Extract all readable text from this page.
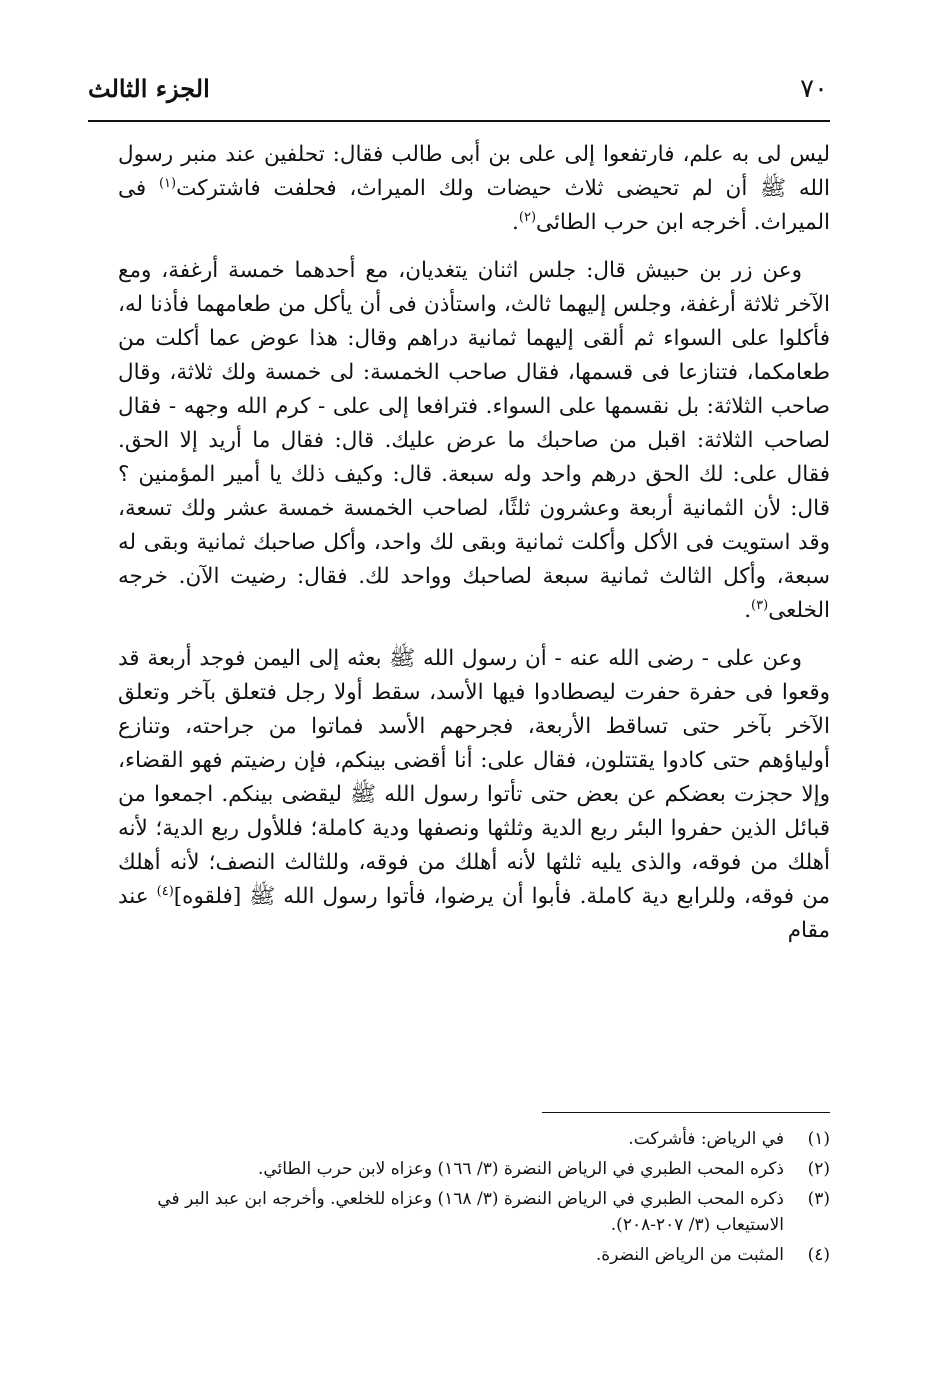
٧٠
الجزء الثالث

ليس لى به علم، فارتفعوا إلى على بن أبى طالب فقال: تحلفين عند منبر رسول الله ﷺ أن لم تحيضى ثلاث حيضات ولك الميراث، فحلفت فاشتركت$^{(١)}$ فى الميراث. أخرجه ابن حرب الطائى$^{(٢)}$.

وعن زر بن حبيش قال: جلس اثنان يتغديان، مع أحدهما خمسة أرغفة، ومع الآخر ثلاثة أرغفة، وجلس إليهما ثالث، واستأذن فى أن يأكل من طعامهما فأذنا له، فأكلوا على السواء ثم ألقى إليهما ثمانية دراهم وقال: هذا عوض عما أكلت من طعامكما، فتنازعا فى قسمها، فقال صاحب الخمسة: لى خمسة ولك ثلاثة، وقال صاحب الثلاثة: بل نقسمها على السواء. فترافعا إلى على - كرم الله وجهه - فقال لصاحب الثلاثة: اقبل من صاحبك ما عرض عليك. قال: فقال ما أريد إلا الحق. فقال على: لك الحق درهم واحد وله سبعة. قال: وكيف ذلك يا أمير المؤمنين ؟ قال: لأن الثمانية أربعة وعشرون ثلثًا، لصاحب الخمسة خمسة عشر ولك تسعة، وقد استويت فى الأكل وأكلت ثمانية وبقى لك واحد، وأكل صاحبك ثمانية وبقى له سبعة، وأكل الثالث ثمانية سبعة لصاحبك وواحد لك. فقال: رضيت الآن. خرجه الخلعى$^{(٣)}$.

وعن على - رضى الله عنه - أن رسول الله ﷺ بعثه إلى اليمن فوجد أربعة قد وقعوا فى حفرة حفرت ليصطادوا فيها الأسد، سقط أولا رجل فتعلق بآخر وتعلق الآخر بآخر حتى تساقط الأربعة، فجرحهم الأسد فماتوا من جراحته، وتنازع أولياؤهم حتى كادوا يقتتلون، فقال على: أنا أقضى بينكم، فإن رضيتم فهو القضاء، وإلا حجزت بعضكم عن بعض حتى تأتوا رسول الله ﷺ ليقضى بينكم. اجمعوا من قبائل الذين حفروا البئر ربع الدية وثلثها ونصفها ودية كاملة؛ فللأول ربع الدية؛ لأنه أهلك من فوقه، والذى يليه ثلثها لأنه أهلك من فوقه، وللثالث النصف؛ لأنه أهلك من فوقه، وللرابع دية كاملة. فأبوا أن يرضوا، فأتوا رسول الله ﷺ [فلقوه]$^{(٤)}$ عند مقام

(١)
في الرياض: فأشركت.
(٢)
ذكره المحب الطبري في الرياض النضرة (٣/ ١٦٦) وعزاه لابن حرب الطائي.
(٣)
ذكره المحب الطبري في الرياض النضرة (٣/ ١٦٨) وعزاه للخلعي. وأخرجه ابن عبد البر في الاستيعاب (٣/ ٢٠٧-٢٠٨).
(٤)
المثبت من الرياض النضرة.
